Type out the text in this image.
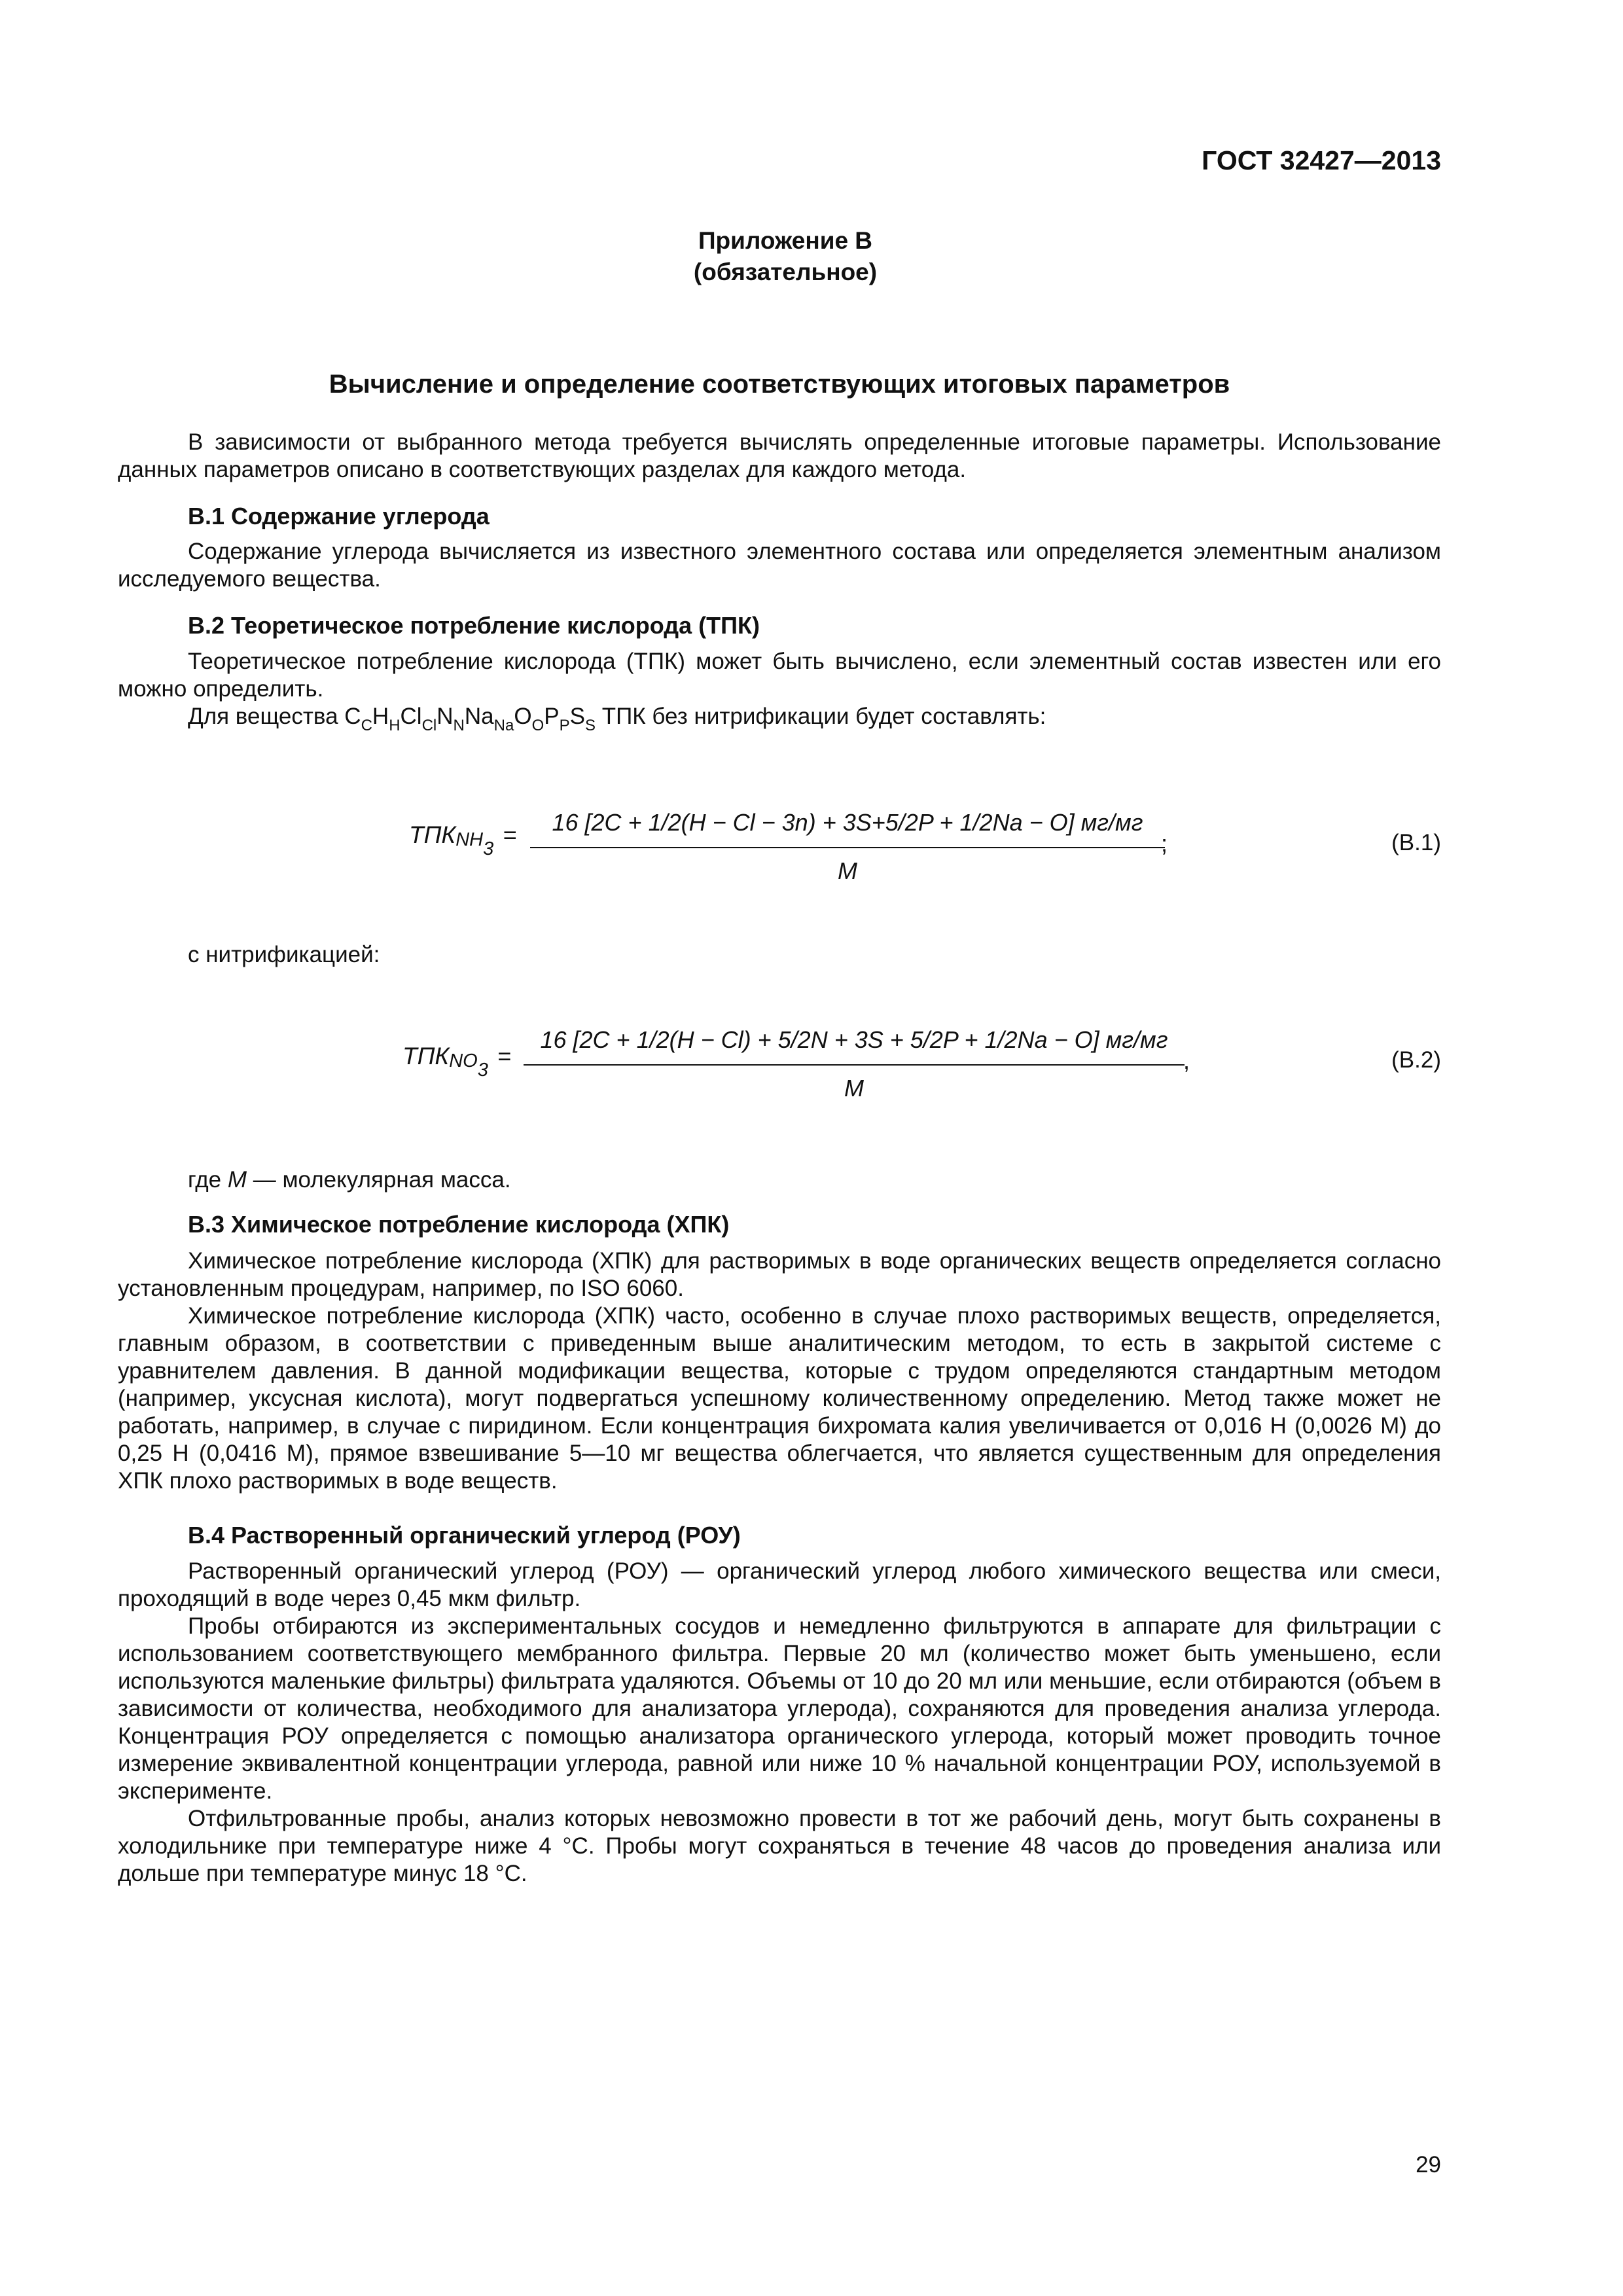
ГОСТ 32427—2013
Приложение В
(обязательное)
Вычисление и определение соответствующих итоговых параметров

В зависимости от выбранного метода требуется вычислять определенные итоговые параметры. Использование данных параметров описано в соответствующих разделах для каждого метода.

В.1 Содержание углерода

Содержание углерода вычисляется из известного элементного состава или определяется элементным анализом исследуемого вещества.

В.2 Теоретическое потребление кислорода (ТПК)

Теоретическое потребление кислорода (ТПК) может быть вычислено, если элементный состав известен или его можно определить.

Для вещества $C_CH_HCl_{Cl}N_NNa_{Na}O_OP_PS_S$ ТПК без нитрификации будет составлять:

$ТПК_{NH3}$ =	16 [2C + 1/2(H − Cl − 3n) + 3S+5/2P + 1/2Na − O] мг/мг
;
M
(В.1)

с нитрификацией:

$ТПК_{NO3}$ =
16 [2C + 1/2(H − Cl) + 5/2N + 3S + 5/2P + 1/2Na − O] мг/мг
,
M
(В.2)

где M — молекулярная масса.

В.3 Химическое потребление кислорода (ХПК)

Химическое потребление кислорода (ХПК) для растворимых в воде органических веществ определяется согласно установленным процедурам, например, по ISO 6060.

Химическое потребление кислорода (ХПК) часто, особенно в случае плохо растворимых веществ, определяется, главным образом, в соответствии с приведенным выше аналитическим методом, то есть в закрытой системе с уравнителем давления. В данной модификации вещества, которые с трудом определяются стандартным методом (например, уксусная кислота), могут подвергаться успешному количественному определению. Метод также может не работать, например, в случае с пиридином. Если концентрация бихромата калия увеличивается от 0,016 Н (0,0026 М) до 0,25 Н (0,0416 М), прямое взвешивание 5—10 мг вещества облегчается, что является существенным для определения ХПК плохо растворимых в воде веществ.

В.4 Растворенный органический углерод (РОУ)

Растворенный органический углерод (РОУ) — органический углерод любого химического вещества или смеси, проходящий в воде через 0,45 мкм фильтр.

Пробы отбираются из экспериментальных сосудов и немедленно фильтруются в аппарате для фильтрации с использованием соответствующего мембранного фильтра. Первые 20 мл (количество может быть уменьшено, если используются маленькие фильтры) фильтрата удаляются. Объемы от 10 до 20 мл или меньшие, если отбираются (объем в зависимости от количества, необходимого для анализатора углерода), сохраняются для проведения анализа углерода. Концентрация РОУ определяется с помощью анализатора органического углерода, который может проводить точное измерение эквивалентной концентрации углерода, равной или ниже 10 % начальной концентрации РОУ, используемой в эксперименте.

Отфильтрованные пробы, анализ которых невозможно провести в тот же рабочий день, могут быть сохранены в холодильнике при температуре ниже 4 °C. Пробы могут сохраняться в течение 48 часов до проведения анализа или дольше при температуре минус 18 °C.

29
